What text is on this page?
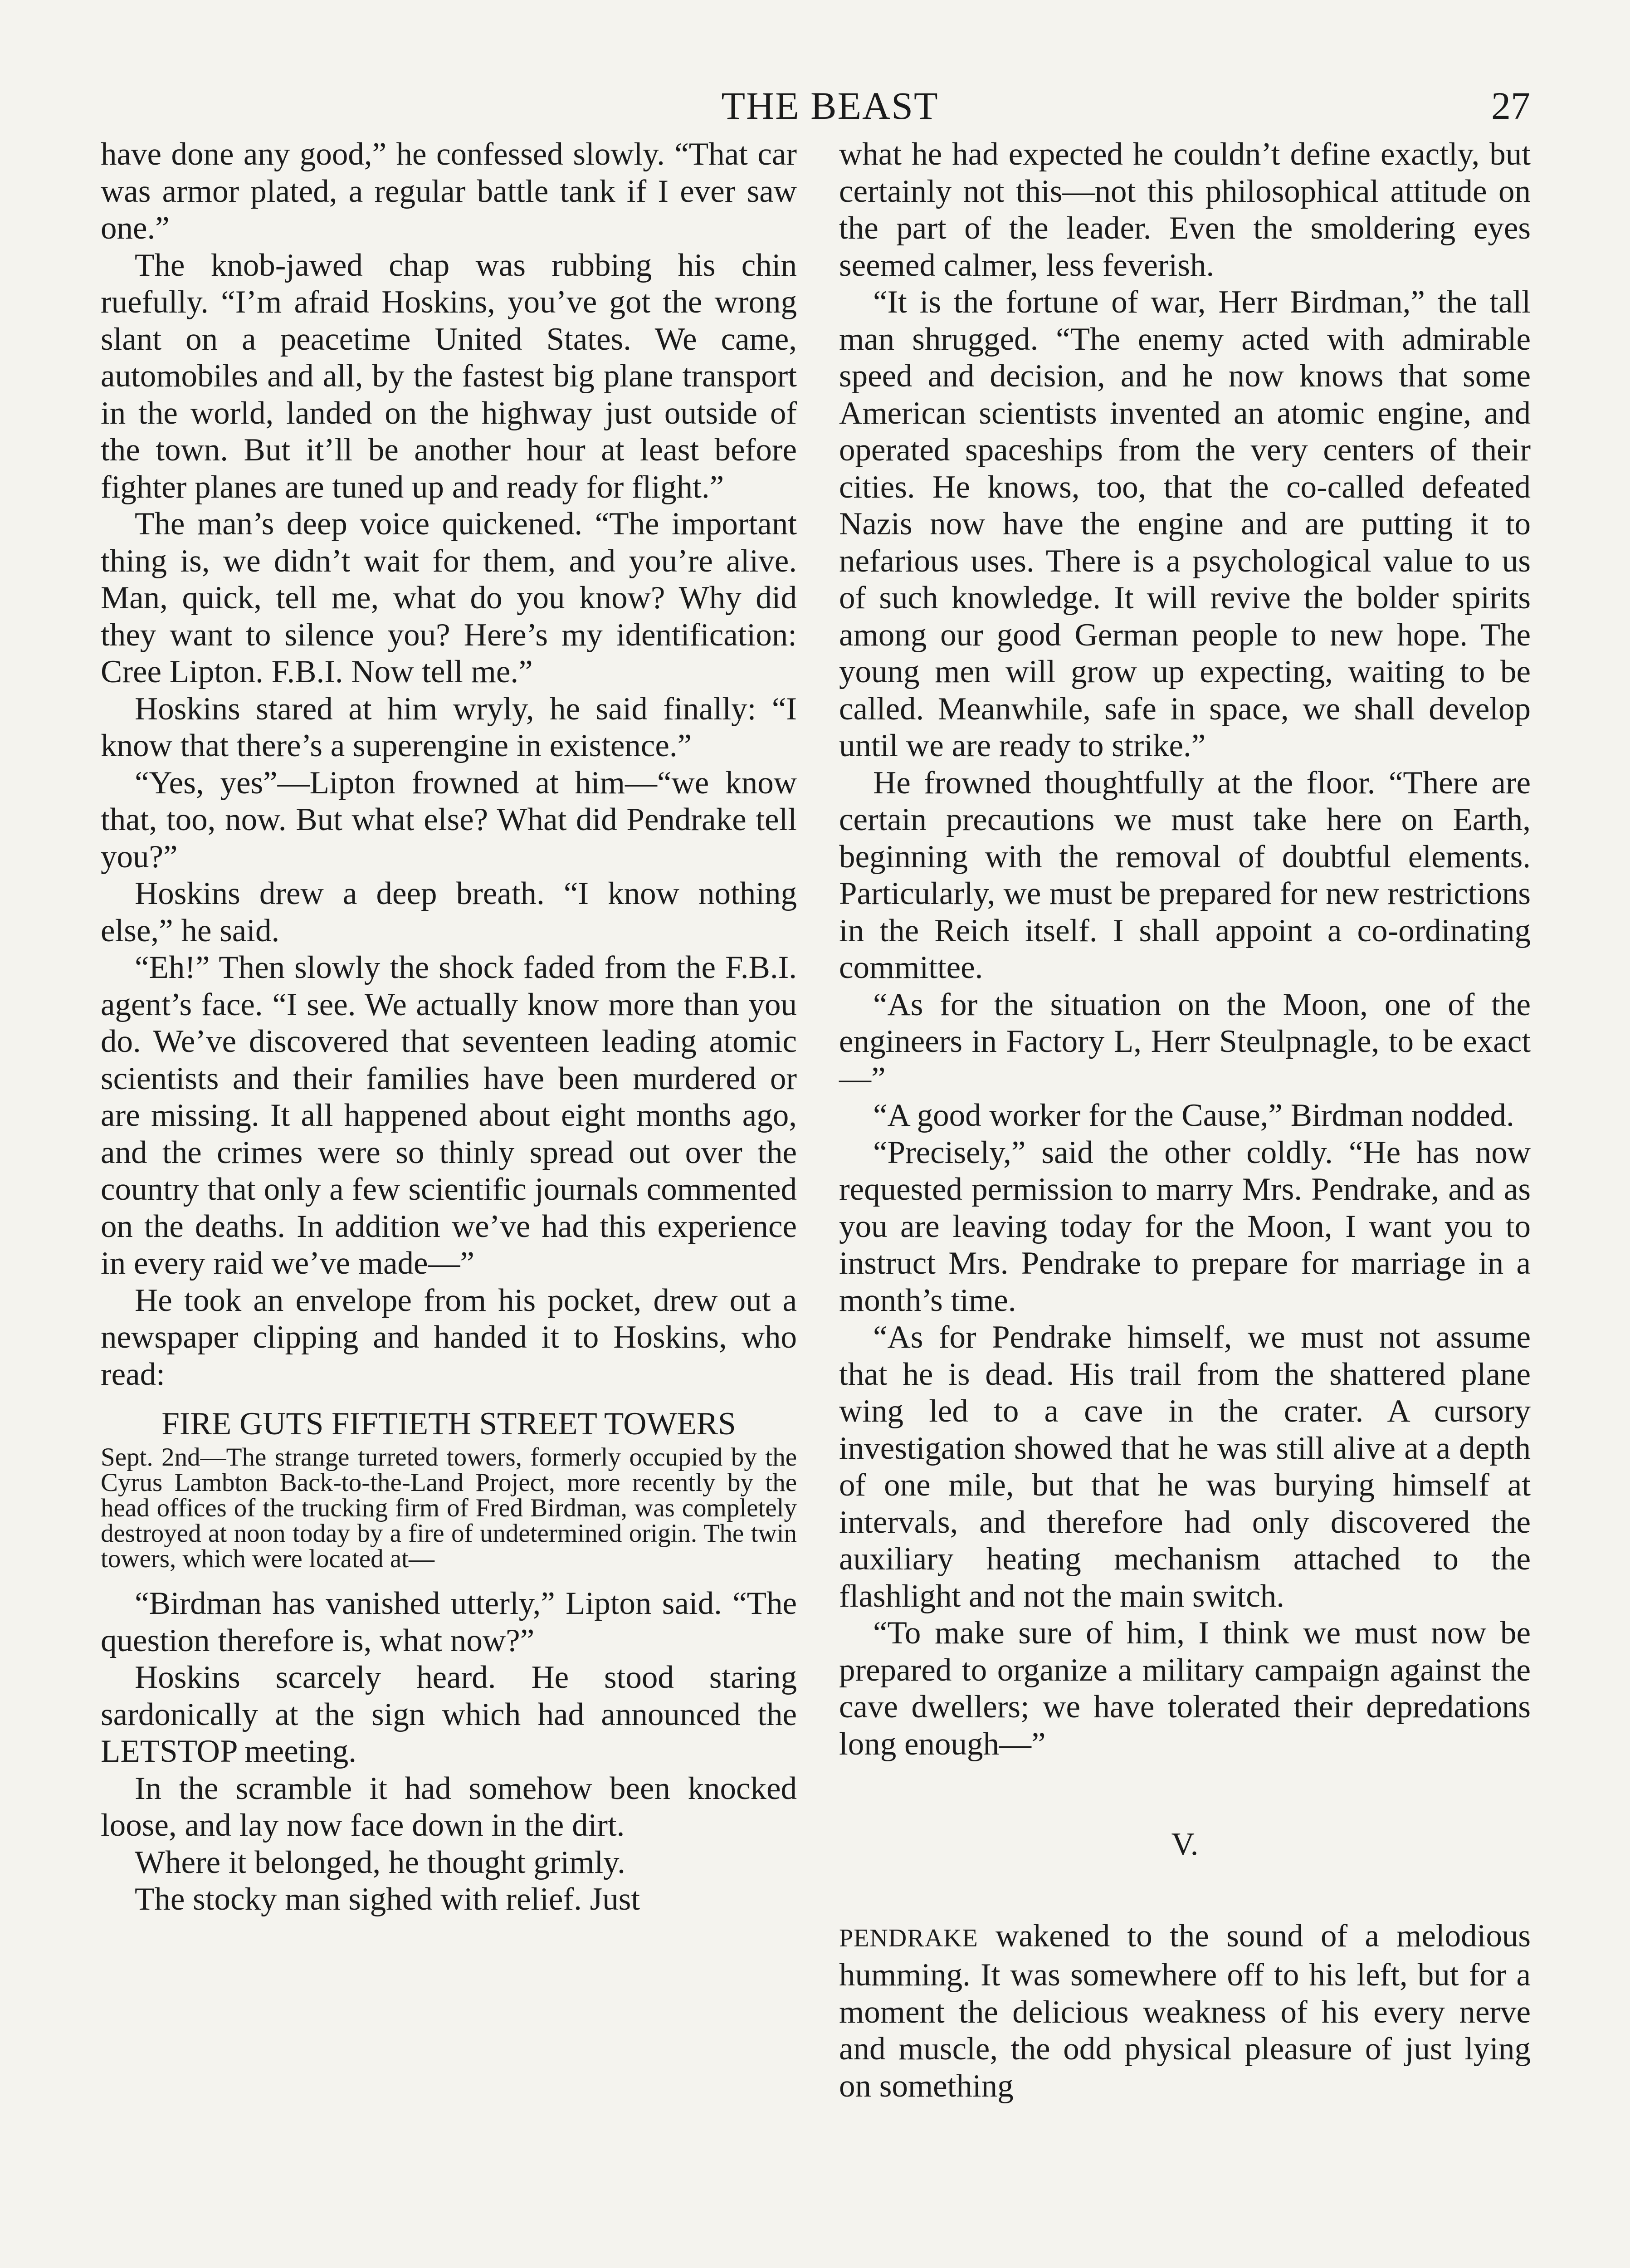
THE BEAST	27

have done any good,” he confessed slowly. “That car was armor plated, a regular battle tank if I ever saw one.”

The knob-jawed chap was rubbing his chin ruefully. “I’m afraid Hoskins, you’ve got the wrong slant on a peacetime United States. We came, automobiles and all, by the fastest big plane transport in the world, landed on the highway just outside of the town. But it’ll be another hour at least before fighter planes are tuned up and ready for flight.”

The man’s deep voice quickened. “The important thing is, we didn’t wait for them, and you’re alive. Man, quick, tell me, what do you know? Why did they want to silence you? Here’s my identification: Cree Lipton. F.B.I. Now tell me.”

Hoskins stared at him wryly, he said finally: “I know that there’s a superengine in existence.”

“Yes, yes”—Lipton frowned at him—“we know that, too, now. But what else? What did Pendrake tell you?”

Hoskins drew a deep breath. “I know nothing else,” he said.

“Eh!” Then slowly the shock faded from the F.B.I. agent’s face. “I see. We actually know more than you do. We’ve discovered that seventeen leading atomic scientists and their families have been murdered or are missing. It all happened about eight months ago, and the crimes were so thinly spread out over the country that only a few scientific journals commented on the deaths. In addition we’ve had this experience in every raid we’ve made—”

He took an envelope from his pocket, drew out a newspaper clipping and handed it to Hoskins, who read:

FIRE GUTS FIFTIETH STREET TOWERS
Sept. 2nd—The strange turreted towers, formerly occupied by the Cyrus Lambton Back-to-the-Land Project, more recently by the head offices of the trucking firm of Fred Birdman, was completely destroyed at noon today by a fire of undetermined origin. The twin towers, which were located at—

“Birdman has vanished utterly,” Lipton said. “The question therefore is, what now?”

Hoskins scarcely heard. He stood staring sardonically at the sign which had announced the LETSTOP meeting.

In the scramble it had somehow been knocked loose, and lay now face down in the dirt.

Where it belonged, he thought grimly.

The stocky man sighed with relief. Just

what he had expected he couldn’t define exactly, but certainly not this—not this philosophical attitude on the part of the leader. Even the smoldering eyes seemed calmer, less feverish.

“It is the fortune of war, Herr Birdman,” the tall man shrugged. “The enemy acted with admirable speed and decision, and he now knows that some American scientists invented an atomic engine, and operated spaceships from the very centers of their cities. He knows, too, that the co-called defeated Nazis now have the engine and are putting it to nefarious uses. There is a psychological value to us of such knowledge. It will revive the bolder spirits among our good German people to new hope. The young men will grow up expecting, waiting to be called. Meanwhile, safe in space, we shall develop until we are ready to strike.”

He frowned thoughtfully at the floor. “There are certain precautions we must take here on Earth, beginning with the removal of doubtful elements. Particularly, we must be prepared for new restrictions in the Reich itself. I shall appoint a co-ordinating committee.

“As for the situation on the Moon, one of the engineers in Factory L, Herr Steulpnagle, to be exact—”

“A good worker for the Cause,” Birdman nodded.

“Precisely,” said the other coldly. “He has now requested permission to marry Mrs. Pendrake, and as you are leaving today for the Moon, I want you to instruct Mrs. Pendrake to prepare for marriage in a month’s time.

“As for Pendrake himself, we must not assume that he is dead. His trail from the shattered plane wing led to a cave in the crater. A cursory investigation showed that he was still alive at a depth of one mile, but that he was burying himself at intervals, and therefore had only discovered the auxiliary heating mechanism attached to the flashlight and not the main switch.

“To make sure of him, I think we must now be prepared to organize a military campaign against the cave dwellers; we have tolerated their depredations long enough—”

V.

PENDRAKE wakened to the sound of a melodious humming. It was somewhere off to his left, but for a moment the delicious weakness of his every nerve and muscle, the odd physical pleasure of just lying on something
